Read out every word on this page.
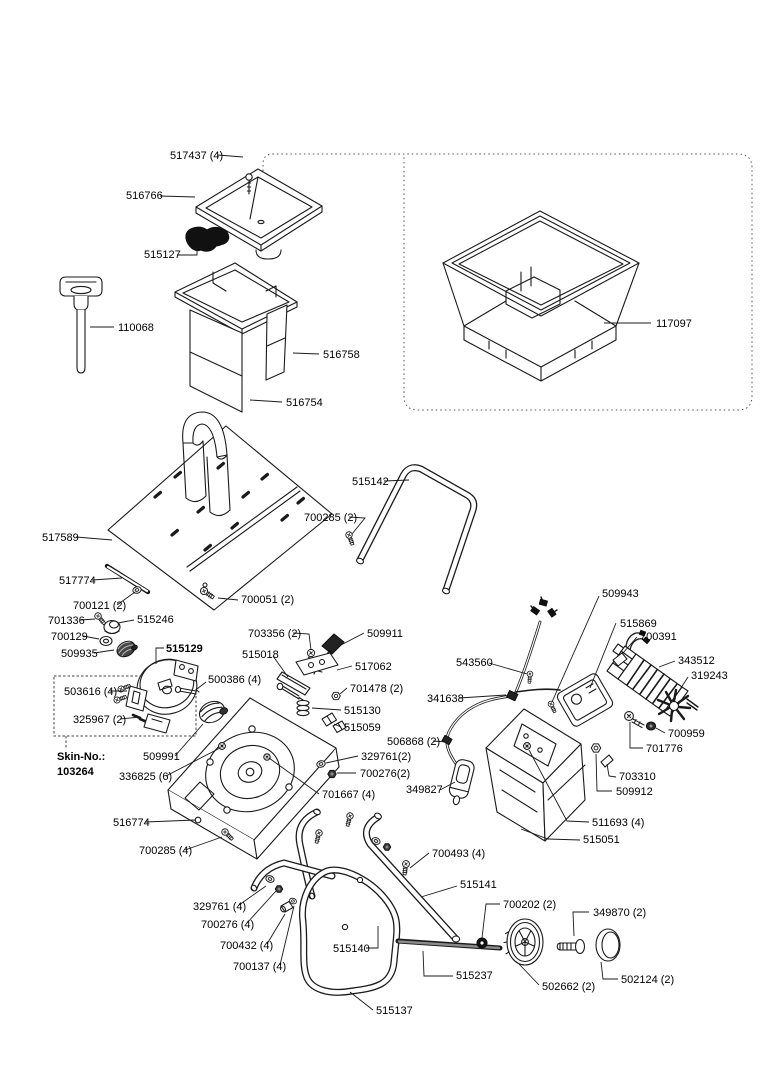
517437 (4)
516766
515127
110068
516758
516754
117097
517589
517774
700121 (2)
701336	515246
700129
509935	515129
503616 (4)
325967 (2)
Skin-No.:
103264
509991
336825 (6)
516774
700285 (4)
515142
700285 (2)
700051 (2)
703356 (2)	509911
515018
517062
701478 (2)
515130
515059
500386 (4)
506868 (2)
329761(2)
700276(2)
349827
701667 (4)
509943
515869
700391
543560	343512
319243
341638
700959
701776
703310
509912
511693 (4)
515051
700493 (4)
515141
329761 (4)
700276 (4)
700432 (4)
700137 (4)
515140
515237
700202 (2)
349870 (2)
502662 (2)
502124 (2)
515137
